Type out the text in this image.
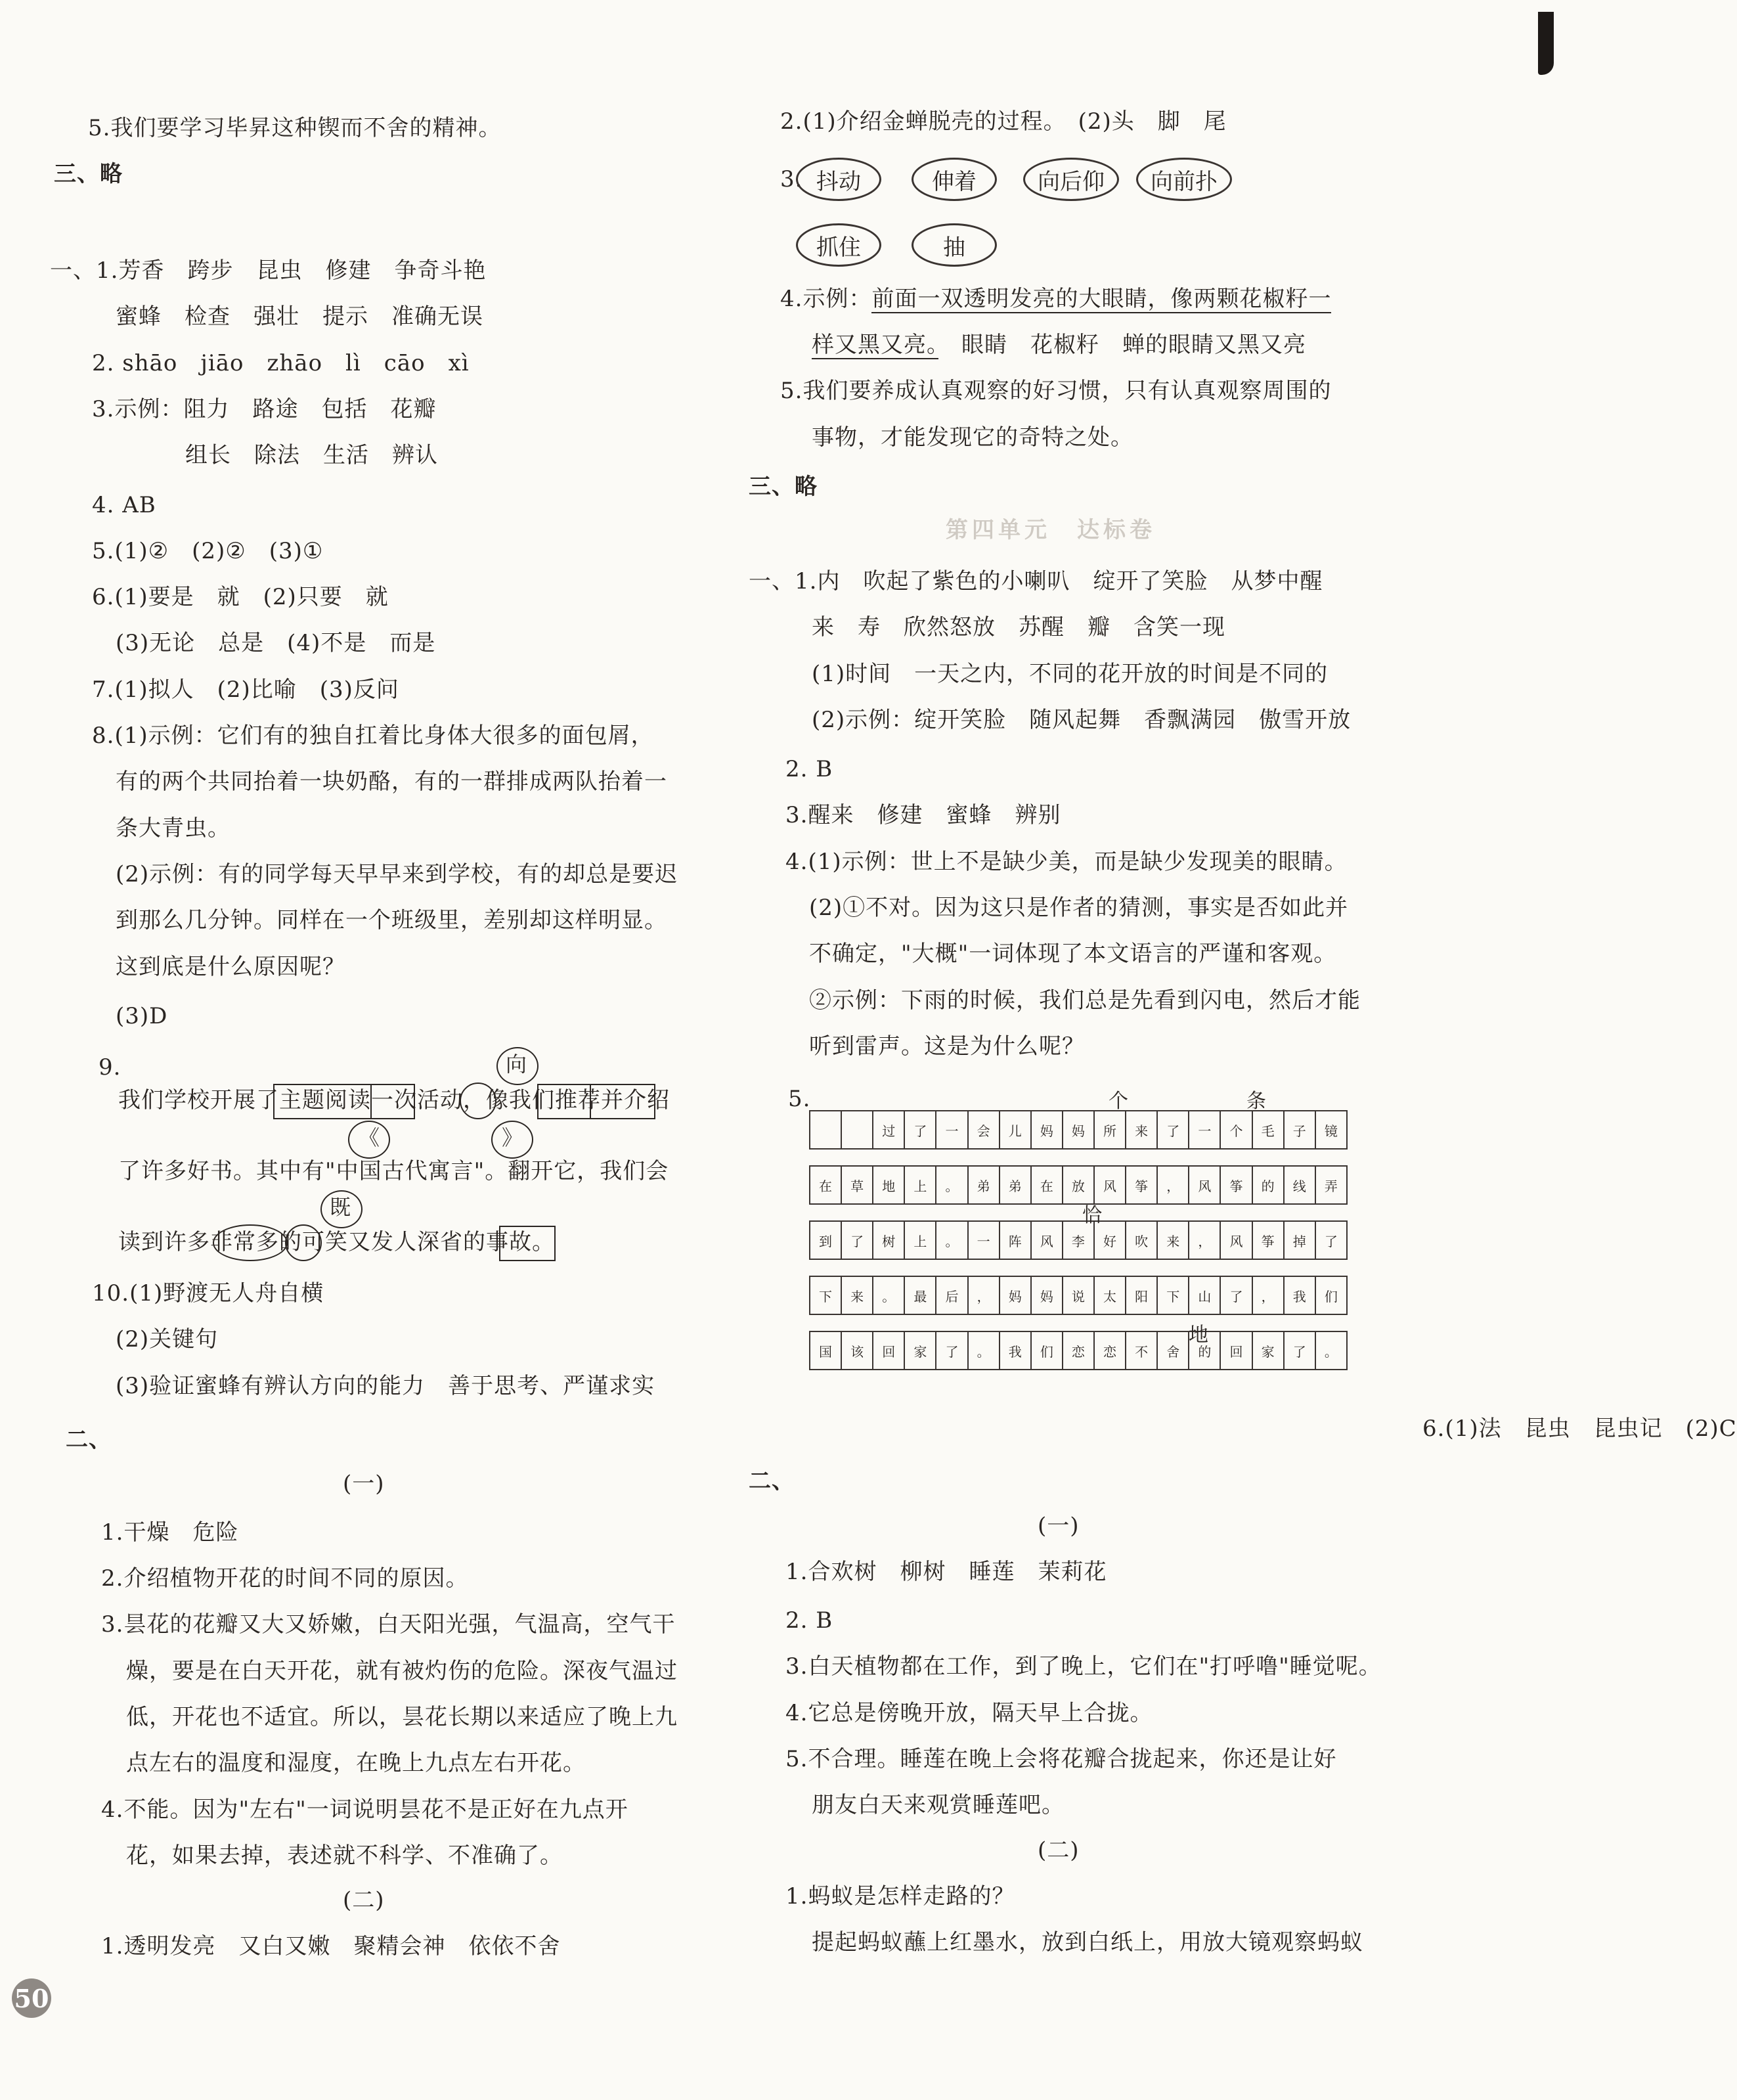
5.我们要学习毕昇这种锲而不舍的精神。
三、略
一、1.芳香　跨步　昆虫　修建　争奇斗艳
蜜蜂　检查　强壮　提示　准确无误
2. shāo　jiāo　zhāo　lì　cāo　xì
3.示例：阻力　路途　包括　花瓣
组长　除法　生活　辨认
4. AB
5.(1)②　(2)②　(3)①
6.(1)要是　就　(2)只要　就
(3)无论　总是　(4)不是　而是
7.(1)拟人　(2)比喻　(3)反问
8.(1)示例：它们有的独自扛着比身体大很多的面包屑，
有的两个共同抬着一块奶酪，有的一群排成两队抬着一
条大青虫。
(2)示例：有的同学每天早早来到学校，有的却总是要迟
到那么几分钟。同样在一个班级里，差别却这样明显。
这到底是什么原因呢？
(3)D
9.	向
我们学校开展了主题阅读一次活动，像我们推荐并介绍
《	》
了许多好书。其中有"中国古代寓言"。翻开它，我们会
既
读到许多非常多的可笑又发人深省的事故。
10.(1)野渡无人舟自横
(2)关键句
(3)验证蜜蜂有辨认方向的能力　善于思考、严谨求实
二、
(一)
1.干燥　危险
2.介绍植物开花的时间不同的原因。
3.昙花的花瓣又大又娇嫩，白天阳光强，气温高，空气干
燥，要是在白天开花，就有被灼伤的危险。深夜气温过
低，开花也不适宜。所以，昙花长期以来适应了晚上九
点左右的温度和湿度，在晚上九点左右开花。
4.不能。因为"左右"一词说明昙花不是正好在九点开
花，如果去掉，表述就不科学、不准确了。
(二)
1.透明发亮　又白又嫩　聚精会神　依依不舍
2.(1)介绍金蝉脱壳的过程。　(2)头　脚　尾
3. 抖动	伸着	向后仰	向前扑
抓住	抽
4.示例：前面一双透明发亮的大眼睛，像两颗花椒籽一
样又黑又亮。　眼睛　花椒籽　蝉的眼睛又黑又亮
5.我们要养成认真观察的好习惯，只有认真观察周围的
事物，才能发现它的奇特之处。
三、略
第四单元　达标卷
一、1.内　吹起了紫色的小喇叭　绽开了笑脸　从梦中醒
来　寿　欣然怒放　苏醒　瓣　含笑一现
(1)时间　一天之内，不同的花开放的时间是不同的
(2)示例：绽开笑脸　随风起舞　香飘满园　傲雪开放
2. B
3.醒来　修建　蜜蜂　辨别
4.(1)示例：世上不是缺少美，而是缺少发现美的眼睛。
(2)①不对。因为这只是作者的猜测，事实是否如此并
不确定，"大概"一词体现了本文语言的严谨和客观。
②示例：下雨的时候，我们总是先看到闪电，然后才能
听到雷声。这是为什么呢？
5.
6.(1)法　昆虫　昆虫记　(2)C
二、
(一)
1.合欢树　柳树　睡莲　茉莉花
2. B
3.白天植物都在工作，到了晚上，它们在"打呼噜"睡觉呢。
4.它总是傍晚开放，隔天早上合拢。
5.不合理。睡莲在晚上会将花瓣合拢起来，你还是让好
朋友白天来观赏睡莲吧。
(二)
1.蚂蚁是怎样走路的？
提起蚂蚁蘸上红墨水，放到白纸上，用放大镜观察蚂蚁
		过	了	一	会	儿	妈	妈	所	来	了	一	个	毛	子	镜

在	草	地	上	。	弟	弟	在	放	风	筝	，	风	筝	的	线	弄

到	了	树	上	。	一	阵	风	李	好	吹	来	，	风	筝	掉	了

下	来	。	最	后	，	妈	妈	说	太	阳	下	山	了	，	我	们

国	该	回	家	了	。	我	们	恋	恋	不	舍	的	回	家	了	。
个	条
恰
地
50
